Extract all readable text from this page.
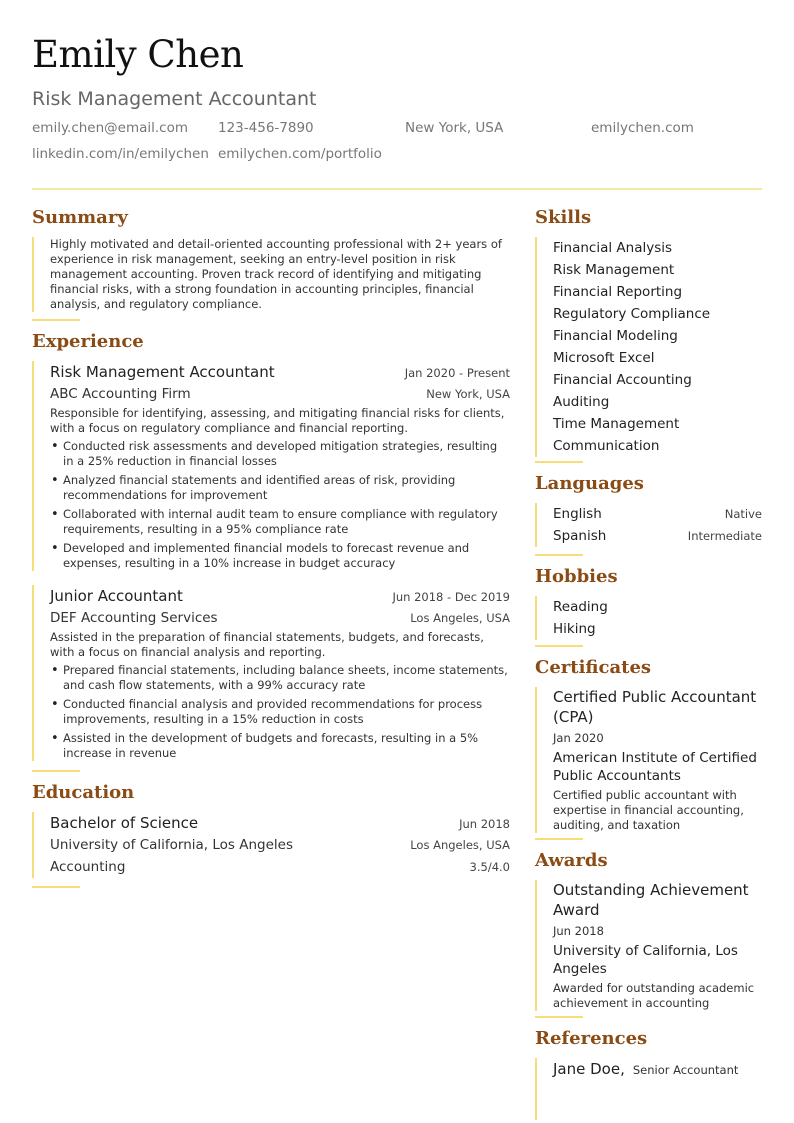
Emily Chen
Risk Management Accountant
emily.chen@email.com 123-456-7890	New York, USA	emilychen.com
linkedin.com/in/emilychen emilychen.com/portfolio
Summary

Highly motivated and detail-oriented accounting professional with 2+ years of experience in risk management, seeking an entry-level position in risk management accounting. Proven track record of identifying and mitigating financial risks, with a strong foundation in accounting principles, financial analysis, and regulatory compliance.

Experience
Risk Management Accountant	Jan 2020 - Present
ABC Accounting Firm	New York, USA

Responsible for identifying, assessing, and mitigating financial risks for clients, with a focus on regulatory compliance and financial reporting.

• Conducted risk assessments and developed mitigation strategies, resulting in a 25% reduction in financial losses
• Analyzed financial statements and identified areas of risk, providing recommendations for improvement
• Collaborated with internal audit team to ensure compliance with regulatory requirements, resulting in a 95% compliance rate
• Developed and implemented financial models to forecast revenue and expenses, resulting in a 10% increase in budget accuracy
Junior Accountant	Jun 2018 - Dec 2019
DEF Accounting Services	Los Angeles, USA

Assisted in the preparation of financial statements, budgets, and forecasts, with a focus on financial analysis and reporting.

• Prepared financial statements, including balance sheets, income statements, and cash flow statements, with a 99% accuracy rate
• Conducted financial analysis and provided recommendations for process improvements, resulting in a 15% reduction in costs
• Assisted in the development of budgets and forecasts, resulting in a 5% increase in revenue
Education
Bachelor of Science	Jun 2018
University of California, Los Angeles	Los Angeles, USA
Accounting	3.5/4.0
Skills
Financial Analysis
Risk Management
Financial Reporting
Regulatory Compliance
Financial Modeling
Microsoft Excel
Financial Accounting
Auditing
Time Management
Communication
Languages
English	Native
Spanish	Intermediate
Hobbies
Reading
Hiking
Certificates
Certified Public Accountant (CPA)
Jan 2020
American Institute of Certified Public Accountants
Certified public accountant with expertise in financial accounting, auditing, and taxation
Awards
Outstanding Achievement Award
Jun 2018
University of California, Los Angeles
Awarded for outstanding academic achievement in accounting
References
Jane Doe, Senior Accountant
